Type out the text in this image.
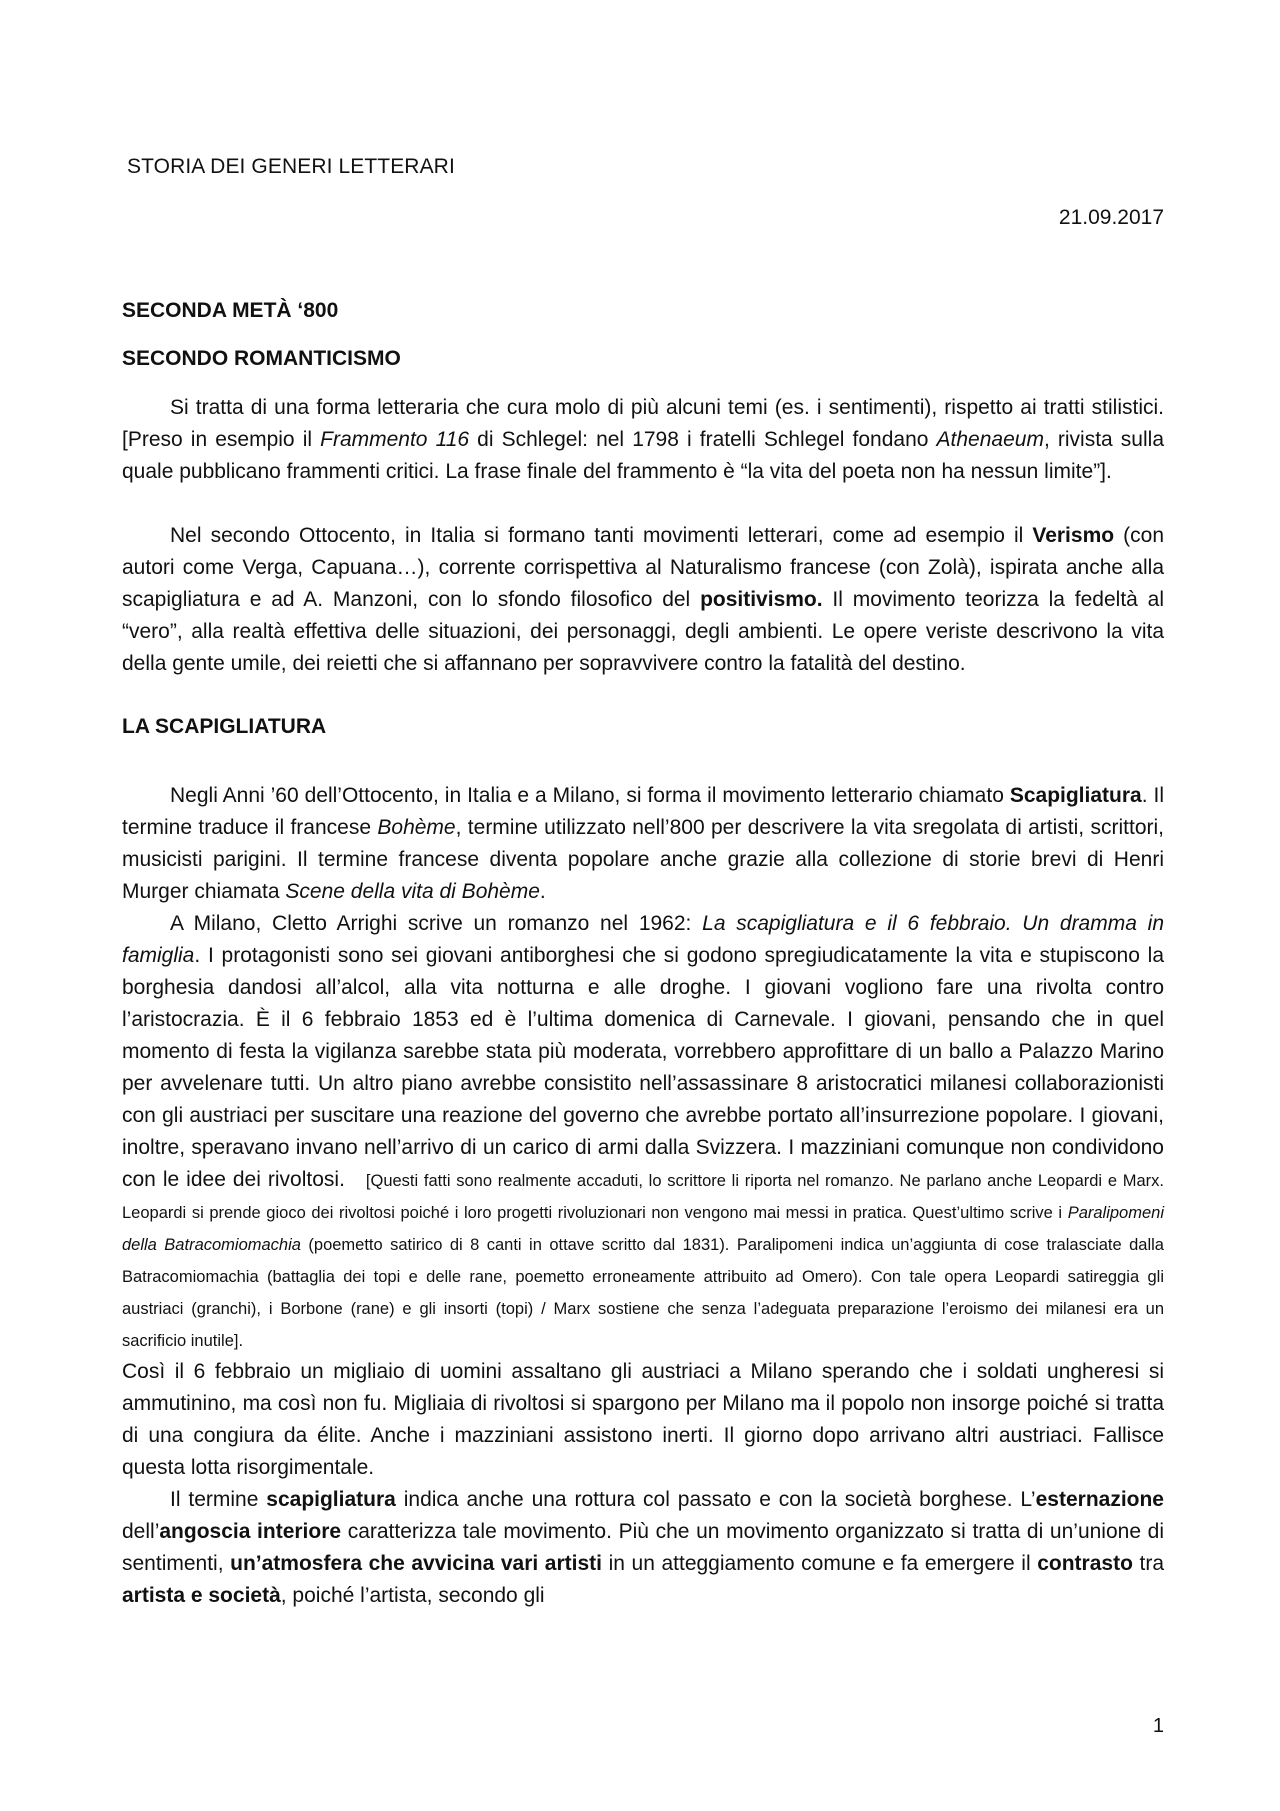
STORIA DEI GENERI LETTERARI
21.09.2017
SECONDA METÀ ‘800
SECONDO ROMANTICISMO

Si tratta di una forma letteraria che cura molo di più alcuni temi (es. i sentimenti), rispetto ai tratti stilistici. [Preso in esempio il Frammento 116 di Schlegel: nel 1798 i fratelli Schlegel fondano Athenaeum, rivista sulla quale pubblicano frammenti critici. La frase finale del frammento è “la vita del poeta non ha nessun limite”].

Nel secondo Ottocento, in Italia si formano tanti movimenti letterari, come ad esempio il Verismo (con autori come Verga, Capuana…), corrente corrispettiva al Naturalismo francese (con Zolà), ispirata anche alla scapigliatura e ad A. Manzoni, con lo sfondo filosofico del positivismo. Il movimento teorizza la fedeltà al “vero”, alla realtà effettiva delle situazioni, dei personaggi, degli ambienti. Le opere veriste descrivono la vita della gente umile, dei reietti che si affannano per sopravvivere contro la fatalità del destino.

LA SCAPIGLIATURA

Negli Anni ’60 dell’Ottocento, in Italia e a Milano, si forma il movimento letterario chiamato Scapigliatura. Il termine traduce il francese Bohème, termine utilizzato nell’800 per descrivere la vita sregolata di artisti, scrittori, musicisti parigini. Il termine francese diventa popolare anche grazie alla collezione di storie brevi di Henri Murger chiamata Scene della vita di Bohème.

A Milano, Cletto Arrighi scrive un romanzo nel 1962: La scapigliatura e il 6 febbraio. Un dramma in famiglia. I protagonisti sono sei giovani antiborghesi che si godono spregiudicatamente la vita e stupiscono la borghesia dandosi all’alcol, alla vita notturna e alle droghe. I giovani vogliono fare una rivolta contro l’aristocrazia. È il 6 febbraio 1853 ed è l’ultima domenica di Carnevale. I giovani, pensando che in quel momento di festa la vigilanza sarebbe stata più moderata, vorrebbero approfittare di un ballo a Palazzo Marino per avvelenare tutti. Un altro piano avrebbe consistito nell’assassinare 8 aristocratici milanesi collaborazionisti con gli austriaci per suscitare una reazione del governo che avrebbe portato all’insurrezione popolare. I giovani, inoltre, speravano invano nell’arrivo di un carico di armi dalla Svizzera. I mazziniani comunque non condividono con le idee dei rivoltosi. [Questi fatti sono realmente accaduti, lo scrittore li riporta nel romanzo. Ne parlano anche Leopardi e Marx. Leopardi si prende gioco dei rivoltosi poiché i loro progetti rivoluzionari non vengono mai messi in pratica. Quest’ultimo scrive i Paralipomeni della Batracomiomachia (poemetto satirico di 8 canti in ottave scritto dal 1831). Paralipomeni indica un’aggiunta di cose tralasciate dalla Batracomiomachia (battaglia dei topi e delle rane, poemetto erroneamente attribuito ad Omero). Con tale opera Leopardi satireggia gli austriaci (granchi), i Borbone (rane) e gli insorti (topi) / Marx sostiene che senza l’adeguata preparazione l’eroismo dei milanesi era un sacrificio inutile].

Così il 6 febbraio un migliaio di uomini assaltano gli austriaci a Milano sperando che i soldati ungheresi si ammutinino, ma così non fu. Migliaia di rivoltosi si spargono per Milano ma il popolo non insorge poiché si tratta di una congiura da élite. Anche i mazziniani assistono inerti. Il giorno dopo arrivano altri austriaci. Fallisce questa lotta risorgimentale.

Il termine scapigliatura indica anche una rottura col passato e con la società borghese. L’esternazione dell’angoscia interiore caratterizza tale movimento. Più che un movimento organizzato si tratta di un’unione di sentimenti, un’atmosfera che avvicina vari artisti in un atteggiamento comune e fa emergere il contrasto tra artista e società, poiché l’artista, secondo gli

1
